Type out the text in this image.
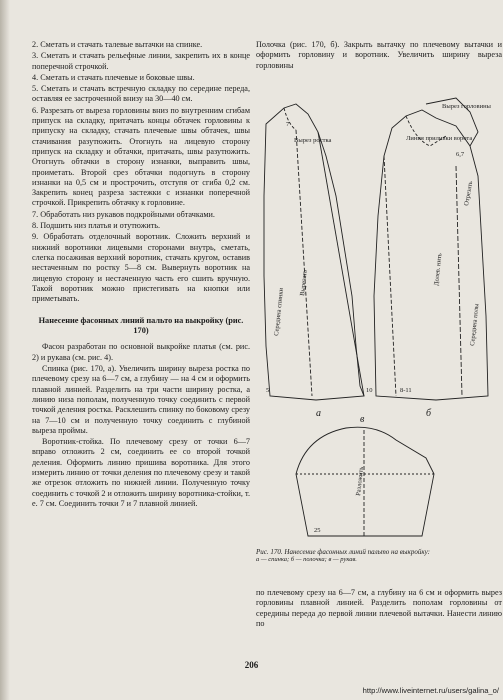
2. Сметать и стачать талевые вытачки на спинке.

3. Сметать и стачать рельефные линии, закрепить их в конце поперечной строчкой.

4. Сметать и стачать плечевые и боковые швы.

5. Сметать и стачать встречную складку по середине переда, оставляя ее застроченной внизу на 30—40 см.

6. Разрезать от выреза горловины вниз по внутренним сгибам припуск на складку, притачать концы обтачек горловины к припуску на складку, стачать плечевые швы обтачек, швы стачивания разутюжить. Отогнуть на лицевую сторону припуск на складку и обтачки, притачать, швы разутюжить. Отогнуть обтачки в сторону изнанки, выправить швы, проиметать. Второй срез обтачки подогнуть в сторону изнанки на 0,5 см и прострочить, отступя от сгиба 0,2 см. Закрепить конец разреза застежки с изнанки поперечной строчкой. Прикрепить обтачку к горловине.

7. Обработать низ рукавов подкройными обтачками.

8. Подшить низ платья и отутюжить.

9. Обработать отделочный воротник. Сложить верхний и нижний воротники лицевыми сторонами внутрь, сметать, слегка посаживая верхний воротник, стачать кругом, оставив нестаченным по ростку 5—8 см. Вывернуть воротник на лицевую сторону и нестаченную часть его сшить вручную. Такой воротник можно пристегивать на кнопки или приметывать.

Нанесение фасонных линий пальто на выкройку (рис. 170)

Фасон разработан по основной выкройке платья (см. рис. 2) и рукава (см. рис. 4).

Спинка (рис. 170, а). Увеличить ширину выреза ростка по плечевому срезу на 6—7 см, а глубину — на 4 см и оформить плавной линией. Разделить на три части ширину ростка, а линию низа пополам, полученную точку соединить с первой точкой деления ростка. Расклешить спинку по боковому срезу на 7—10 см и полученную точку соединить с глубиной выреза проймы.

Воротник-стойка. По плечевому срезу от точки 6—7 вправо отложить 2 см, соединить ее со второй точкой деления. Оформить линию пришива воротника. Для этого измерить линию от точки деления по плечевому срезу и такой же отрезок отложить по нижней линии. Полученную точку соединить с точкой 2 и отложить ширину воротника-стойки, т. е. 7 см. Соединить точки 7 и 7 плавной линией.

Полочка (рис. 170, б). Закрыть вытачку по плечевому вытачки и оформить горловину и воротник. Увеличить ширину выреза горловины

Вырез ростка	Линия приливки ворота
Вырез горловины
Середина спинки
Вырезать	Долев. нить
Середина полы
Отрезать
Разложить
7
10	8-11
5
25
6,7
а	б
в
Рис. 170. Нанесение фасонных линий пальто на выкройку:
а — спинка; б — полочка; в — рукав.

по плечевому срезу на 6—7 см, а глубину на 6 см и оформить вырез горловины плавной линией. Разделить пополам горловины от середины переда до первой линии плечевой вытачки. Нанести линию по

206
http://www.liveinternet.ru/users/galina_o/
